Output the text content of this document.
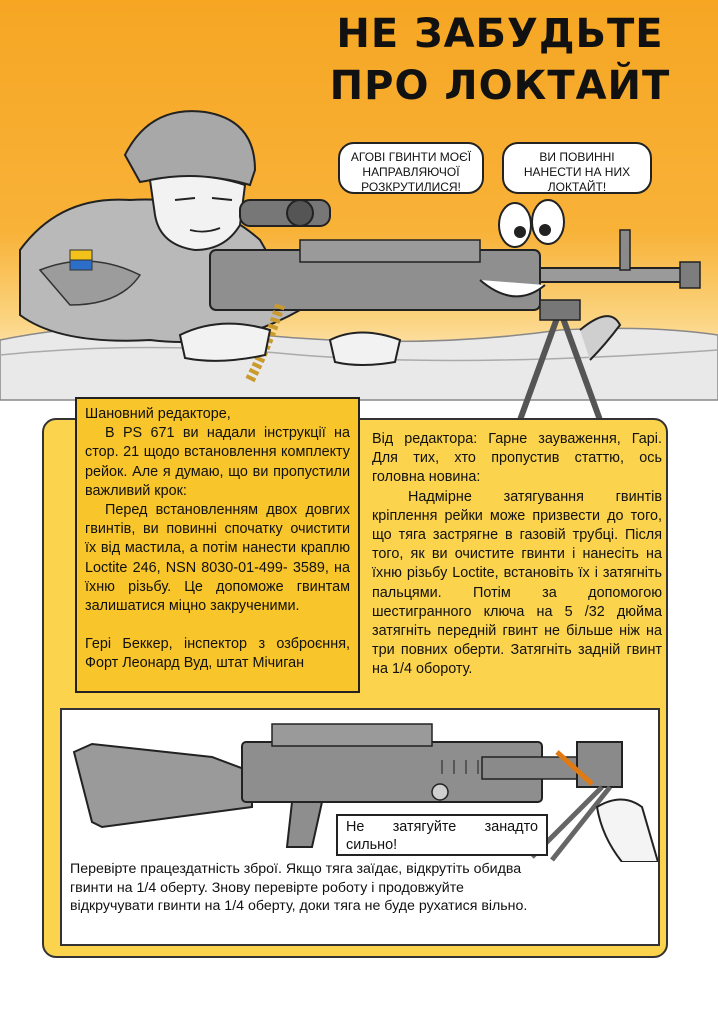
НЕ ЗАБУДЬТЕ
ПРО ЛОКТАЙТ
АГОВІ ГВИНТИ МОЄЇ НАПРАВЛЯЮЧОЇ РОЗКРУТИЛИСЯ!
ВИ ПОВИННІ НАНЕСТИ НА НИХ ЛОКТАЙТ!

Шановний редакторе,

В PS 671 ви надали інструкції на стор. 21 щодо встановлення комплекту рейок. Але я думаю, що ви пропустили важливий крок:

Перед встановленням двох довгих гвинтів, ви повинні спочатку очистити їх від мастила, а потім нанести краплю Loctite 246, NSN 8030-01-499- 3589, на їхню різьбу. Це допоможе гвинтам залишатися міцно закрученими.

Гері Беккер, інспектор з озброєння, Форт Леонард Вуд, штат Мічиган

Від редактора: Гарне зауваження, Гарі. Для тих, хто пропустив статтю, ось головна новина:

Надмірне затягування гвинтів кріплення рейки може призвести до того, що тяга застрягне в газовій трубці. Після того, як ви очистите гвинти і нанесіть на їхню різьбу Loctite, встановіть їх і затягніть пальцями. Потім за допомогою шестигранного ключа на 5 /32 дюйма затягніть передній гвинт не більше ніж на три повних оберти. Затягніть задній гвинт на 1/4 обороту.

Не затягуйте занадто сильно!
Перевірте працездатність зброї. Якщо тяга заїдає, відкрутіть обидва гвинти на 1/4 оберту. Знову перевірте роботу і продовжуйте відкручувати гвинти на 1/4 оберту, доки тяга не буде рухатися вільно.
